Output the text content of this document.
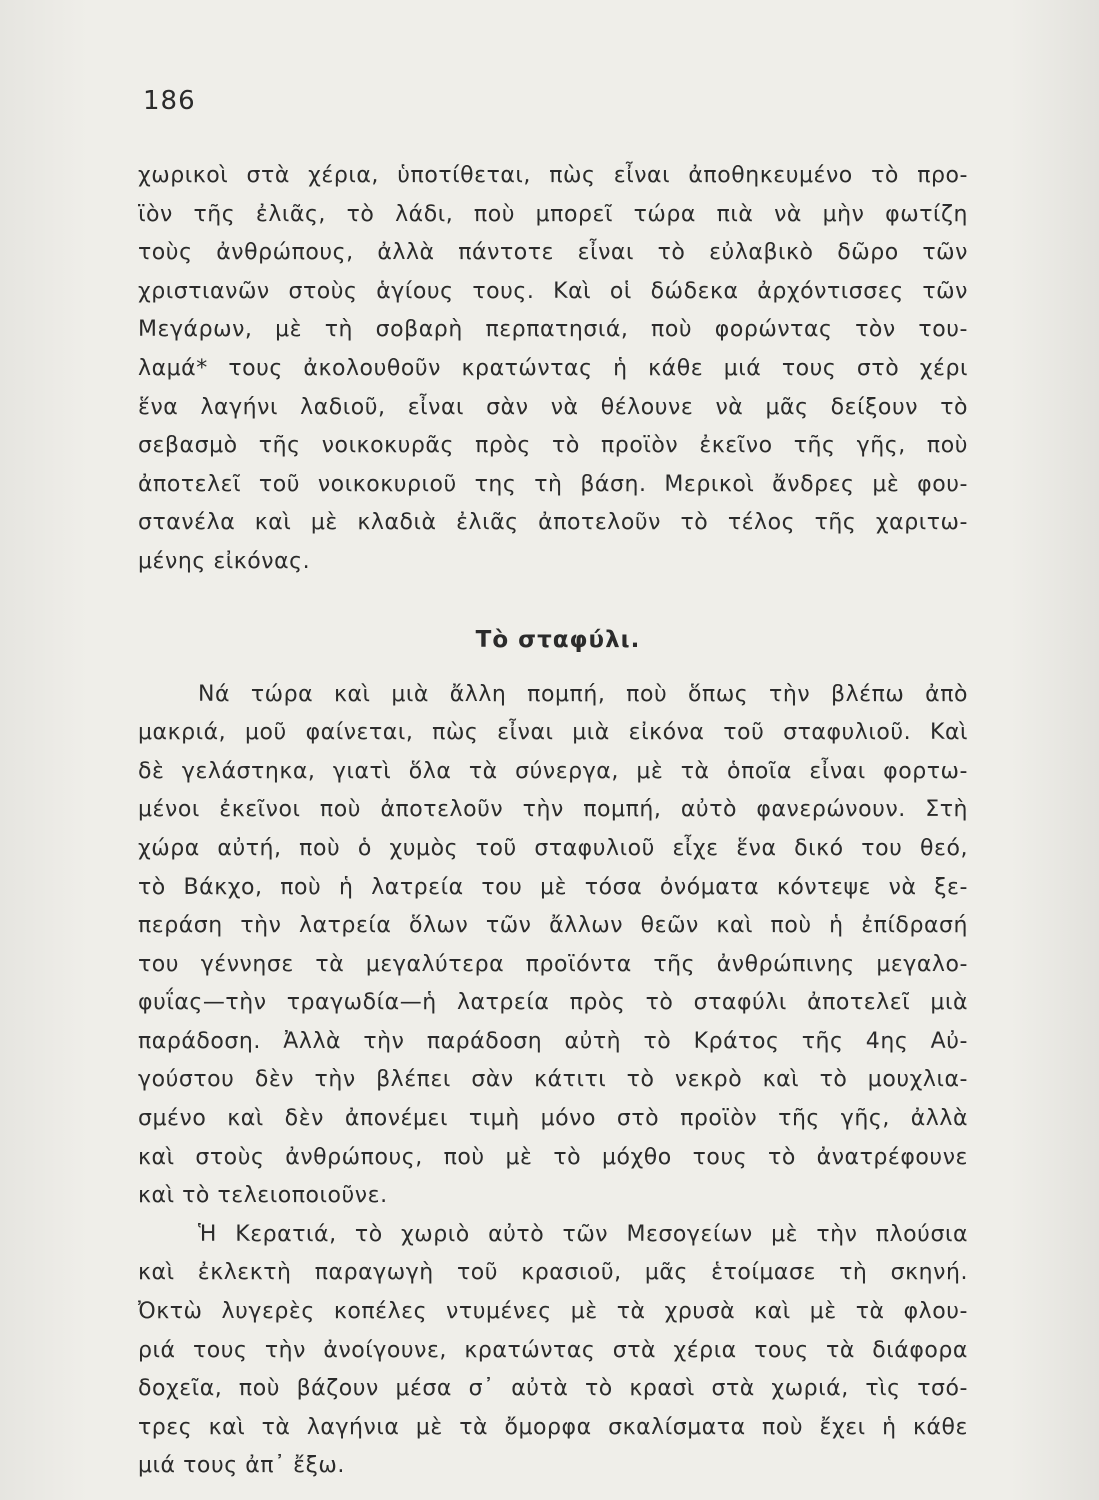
186
χωρικοὶ στὰ χέρια, ὑποτίθεται, πὼς εἶναι ἀποθηκευμένο τὸ προ-
ϊὸν τῆς ἐλιᾶς, τὸ λάδι, ποὺ μπορεῖ τώρα πιὰ νὰ μὴν φωτίζη
τοὺς ἀνθρώπους, ἀλλὰ πάντοτε εἶναι τὸ εὐλαβικὸ δῶρο τῶν
χριστιανῶν στοὺς ἁγίους τους. Καὶ οἱ δώδεκα ἀρχόντισσες τῶν
Μεγάρων, μὲ τὴ σοβαρὴ περπατησιά, ποὺ φορώντας τὸν του-
λαμά* τους ἀκολουθοῦν κρατώντας ἡ κάθε μιά τους στὸ χέρι
ἕνα λαγήνι λαδιοῦ, εἶναι σὰν νὰ θέλουνε νὰ μᾶς δείξουν τὸ
σεβασμὸ τῆς νοικοκυρᾶς πρὸς τὸ προϊὸν ἐκεῖνο τῆς γῆς, ποὺ
ἀποτελεῖ τοῦ νοικοκυριοῦ της τὴ βάση. Μερικοὶ ἄνδρες μὲ φου-
στανέλα καὶ μὲ κλαδιὰ ἐλιᾶς ἀποτελοῦν τὸ τέλος τῆς χαριτω-
μένης εἰκόνας.
Τὸ σταφύλι.
Νά τώρα καὶ μιὰ ἄλλη πομπή, ποὺ ὅπως τὴν βλέπω ἀπὸ
μακριά, μοῦ φαίνεται, πὼς εἶναι μιὰ εἰκόνα τοῦ σταφυλιοῦ. Καὶ
δὲ γελάστηκα, γιατὶ ὅλα τὰ σύνεργα, μὲ τὰ ὁποῖα εἶναι φορτω-
μένοι ἐκεῖνοι ποὺ ἀποτελοῦν τὴν πομπή, αὐτὸ φανερώνουν. Στὴ
χώρα αὐτή, ποὺ ὁ χυμὸς τοῦ σταφυλιοῦ εἶχε ἕνα δικό του θεό,
τὸ Βάκχο, ποὺ ἡ λατρεία του μὲ τόσα ὀνόματα κόντεψε νὰ ξε-
περάση τὴν λατρεία ὅλων τῶν ἄλλων θεῶν καὶ ποὺ ἡ ἐπίδρασή
του γέννησε τὰ μεγαλύτερα προϊόντα τῆς ἀνθρώπινης μεγαλο-
φυΐας—τὴν τραγωδία—ἡ λατρεία πρὸς τὸ σταφύλι ἀποτελεῖ μιὰ
παράδοση. Ἀλλὰ τὴν παράδοση αὐτὴ τὸ Κράτος τῆς 4ης Αὐ-
γούστου δὲν τὴν βλέπει σὰν κάτιτι τὸ νεκρὸ καὶ τὸ μουχλια-
σμένο καὶ δὲν ἀπονέμει τιμὴ μόνο στὸ προϊὸν τῆς γῆς, ἀλλὰ
καὶ στοὺς ἀνθρώπους, ποὺ μὲ τὸ μόχθο τους τὸ ἀνατρέφουνε
καὶ τὸ τελειοποιοῦνε.
Ἡ Κερατιά, τὸ χωριὸ αὐτὸ τῶν Μεσογείων μὲ τὴν πλούσια
καὶ ἐκλεκτὴ παραγωγὴ τοῦ κρασιοῦ, μᾶς ἑτοίμασε τὴ σκηνή.
Ὀκτὼ λυγερὲς κοπέλες ντυμένες μὲ τὰ χρυσὰ καὶ μὲ τὰ φλου-
ριά τους τὴν ἀνοίγουνε, κρατώντας στὰ χέρια τους τὰ διάφορα
δοχεῖα, ποὺ βάζουν μέσα σ᾽ αὐτὰ τὸ κρασὶ στὰ χωριά, τὶς τσό-
τρες καὶ τὰ λαγήνια μὲ τὰ ὄμορφα σκαλίσματα ποὺ ἔχει ἡ κάθε
μιά τους ἀπ᾽ ἔξω.
